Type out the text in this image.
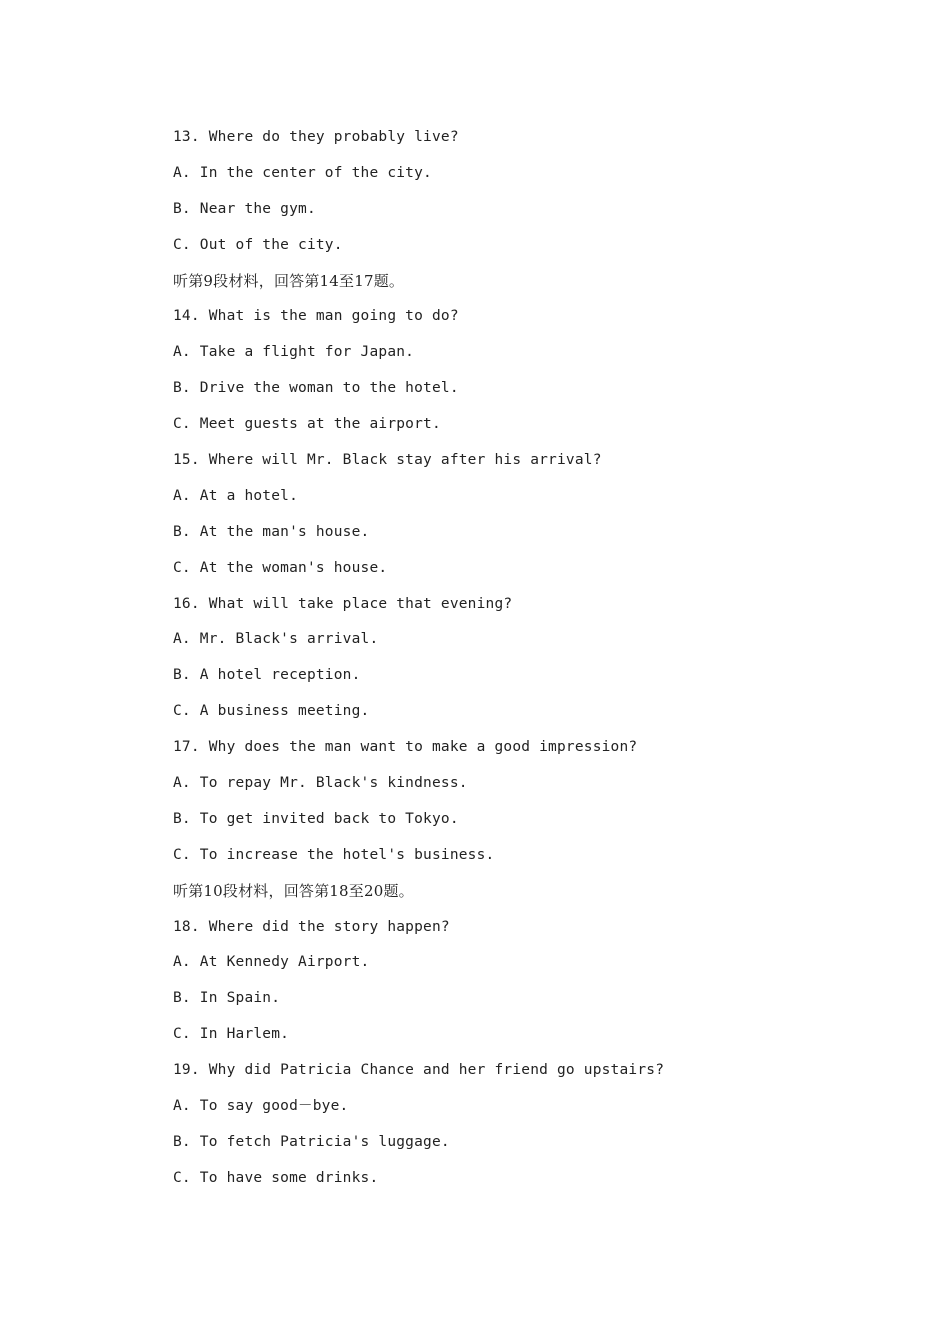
13. Where do they probably live?
A. In the center of the city.
B. Near the gym.
C. Out of the city.
听第9段材料，回答第14至17题。
14. What is the man going to do?
A. Take a flight for Japan.
B. Drive the woman to the hotel.
C. Meet guests at the airport.
15. Where will Mr. Black stay after his arrival?
A. At a hotel.
B. At the man's house.
C. At the woman's house.
16. What will take place that evening?
A. Mr. Black's arrival.
B. A hotel reception.
C. A business meeting.
17. Why does the man want to make a good impression?
A. To repay Mr. Black's kindness.
B. To get invited back to Tokyo.
C. To increase the hotel's business.
听第10段材料，回答第18至20题。
18. Where did the story happen?
A. At Kennedy Airport.
B. In Spain.
C. In Harlem.
19. Why did Patricia Chance and her friend go upstairs?
A. To say good－bye.
B. To fetch Patricia's luggage.
C. To have some drinks.
